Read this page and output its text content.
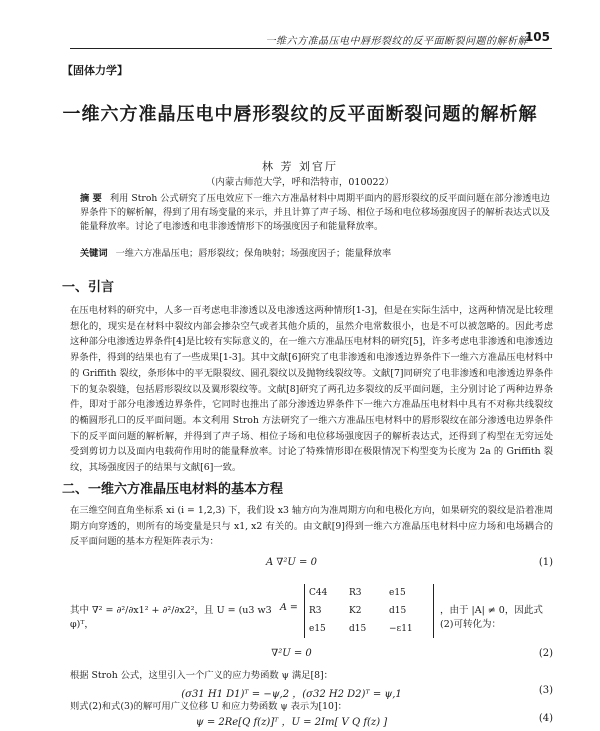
一维六方准晶压电中唇形裂纹的反平面断裂问题的解析解
105
【固体力学】
一维六方准晶压电中唇形裂纹的反平面断裂问题的解析解
林 芳 刘官厅
（内蒙古师范大学，呼和浩特市，010022）
摘 要 利用 Stroh 公式研究了压电效应下一维六方准晶材料中周期平面内的唇形裂纹的反平面问题在部分渗透电边界条件下的解析解，得到了用有场变量的来示，并且计算了声子场、相位子场和电位移场强度因子的解析表达式以及能量释放率。讨论了电渗透和电非渗透情形下的场强度因子和能量释放率。
关键词 一维六方准晶压电；唇形裂纹；保角映射；场强度因子；能量释放率
一、引言
在压电材料的研究中，人多一百考虑电非渗透以及电渗透这两种情形[1-3]，但是在实际生活中，这两种情况是比较理想化的，现实是在材料中裂纹内部会掺杂空气或者其他介质的，虽然介电常数很小，也是不可以被忽略的。因此考虑这种部分电渗透边界条件[4]是比较有实际意义的，在一维六方准晶压电材料的研究[5]，许多考虑电非渗透和电渗透边界条件，得到的结果也有了一些成果[1-3]。其中文献[6]研究了电非渗透和电渗透边界条件下一维六方准晶压电材料中的 Griffith 裂纹，条形体中的平无限裂纹、圆孔裂纹以及抛物线裂纹等。文献[7]同研究了电非渗透和电渗透边界条件下的复杂裂缝，包括唇形裂纹以及翼形裂纹等。文献[8]研究了两孔边多裂纹的反平面问题，主分别讨论了两种边界条件，即对于部分电渗透边界条件，它同时也推出了部分渗透边界条件下一维六方准晶压电材料中具有不对称共线裂纹的椭圆形孔口的反平面问题。本文利用 Stroh 方法研究了一维六方准晶压电材料中的唇形裂纹在部分渗透电边界条件下的反平面问题的解析解，并得到了声子场、相位子场和电位移场强度因子的解析表达式，还得到了构型在无穷远处受到剪切力以及面内电载荷作用时的能量释放率。讨论了特殊情形即在极限情况下构型变为长度为 2a 的 Griffith 裂纹，其场强度因子的结果与文献[6]一致。
二、一维六方准晶压电材料的基本方程
在三维空间直角坐标系 xi (i = 1,2,3) 下，我们设 x3 轴方向为准周期方向和电极化方向，如果研究的裂纹是沿着准周期方向穿透的，则所有的场变量是只与 x1, x2 有关的。由文献[9]得到一维六方准晶压电材料中应力场和电场耦合的反平面问题的基本方程矩阵表示为：
A ∇²U = 0	(1)
其中 ∇² = ∂²/∂x1² + ∂²/∂x2²，且 U = (u3 w3 φ)ᵀ，
A =
C44	R3	e15
R3	K2	d15
e15	d15	−ε11
，由于 |A| ≠ 0，因此式(2)可转化为：
∇²U = 0	(2)
根据 Stroh 公式，这里引入一个广义的应力势函数 ψ 满足[8]：
(σ31 H1 D1)ᵀ = −ψ,2 ，(σ32 H2 D2)ᵀ = ψ,1	(3)
则式(2)和式(3)的解可用广义位移 U 和应力势函数 ψ 表示为[10]：
ψ = 2Re[Q f(z)]ᵀ ，U = 2Im[ V Q f(z) ]	(4)
